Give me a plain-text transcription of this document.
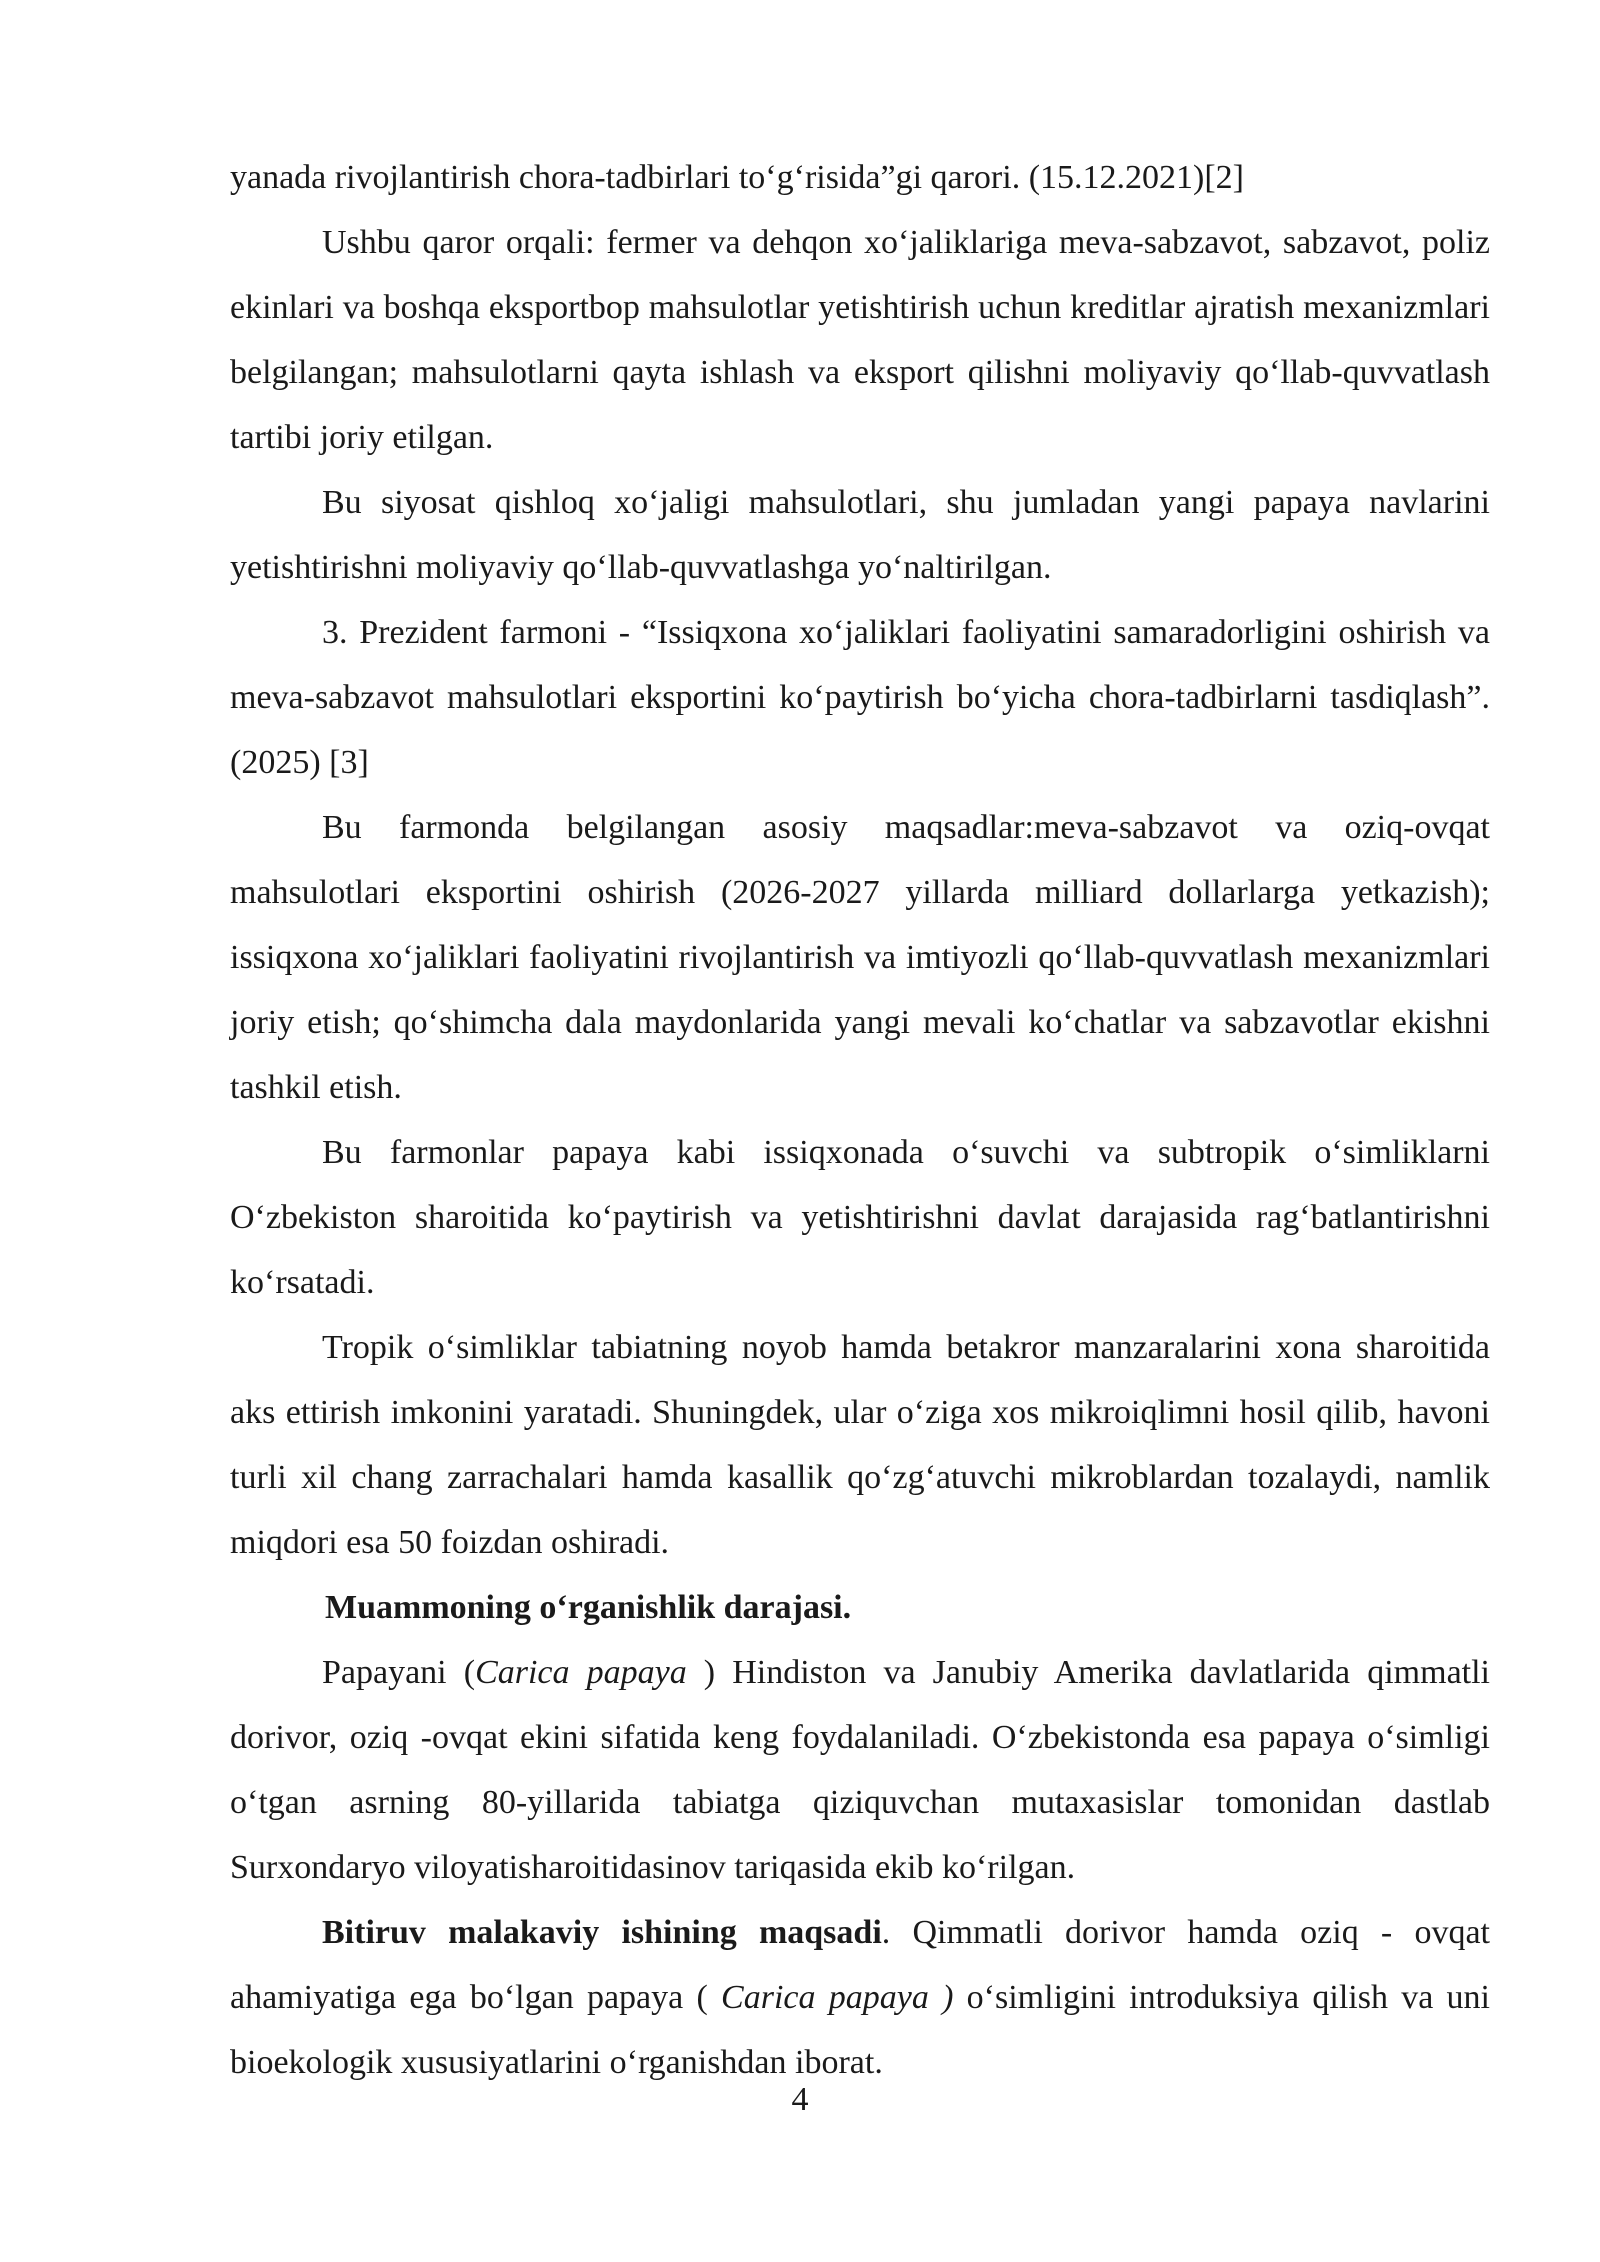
yanada rivojlantirish chora-tadbirlari to‘g‘risida”gi qarori. (15.12.2021)[2]

Ushbu qaror orqali: fermer va dehqon xo‘jaliklariga meva-sabzavot, sabzavot, poliz ekinlari va boshqa eksportbop mahsulotlar yetishtirish uchun kreditlar ajratish mexanizmlari belgilangan; mahsulotlarni qayta ishlash va eksport qilishni moliyaviy qo‘llab-quvvatlash tartibi joriy etilgan.

Bu siyosat qishloq xo‘jaligi mahsulotlari, shu jumladan yangi papaya navlarini yetishtirishni moliyaviy qo‘llab-quvvatlashga yo‘naltirilgan.

3. Prezident farmoni - “Issiqxona xo‘jaliklari faoliyatini samaradorligini oshirish va meva-sabzavot mahsulotlari eksportini ko‘paytirish bo‘yicha chora-tadbirlarni tasdiqlash”. (2025) [3]

Bu farmonda belgilangan asosiy maqsadlar:meva-sabzavot va oziq-ovqat mahsulotlari eksportini oshirish (2026-2027 yillarda milliard dollarlarga yetkazish); issiqxona xo‘jaliklari faoliyatini rivojlantirish va imtiyozli qo‘llab-quvvatlash mexanizmlari joriy etish; qo‘shimcha dala maydonlarida yangi mevali ko‘chatlar va sabzavotlar ekishni tashkil etish.

Bu farmonlar papaya kabi issiqxonada o‘suvchi va subtropik o‘simliklarni O‘zbekiston sharoitida ko‘paytirish va yetishtirishni davlat darajasida rag‘batlantirishni ko‘rsatadi.

Tropik o‘simliklar tabiatning noyob hamda betakror manzaralarini xona sharoitida aks ettirish imkonini yaratadi. Shuningdek, ular o‘ziga xos mikroiqlimni hosil qilib, havoni turli xil chang zarrachalari hamda kasallik qo‘zg‘atuvchi mikroblardan tozalaydi, namlik miqdori esa 50 foizdan oshiradi.

Muammoning o‘rganishlik darajasi.

Papayani (Carica papaya ) Hindiston va Janubiy Amerika davlatlarida qimmatli dorivor, oziq -ovqat ekini sifatida keng foydalaniladi. O‘zbekistonda esa papaya o‘simligi o‘tgan asrning 80-yillarida tabiatga qiziquvchan mutaxasislar tomonidan dastlab Surxondaryo viloyatisharoitidasinov tariqasida ekib ko‘rilgan.

Bitiruv malakaviy ishining maqsadi. Qimmatli dorivor hamda oziq - ovqat ahamiyatiga ega bo‘lgan papaya ( Carica papaya ) o‘simligini introduksiya qilish va uni bioekologik xususiyatlarini o‘rganishdan iborat.

4
